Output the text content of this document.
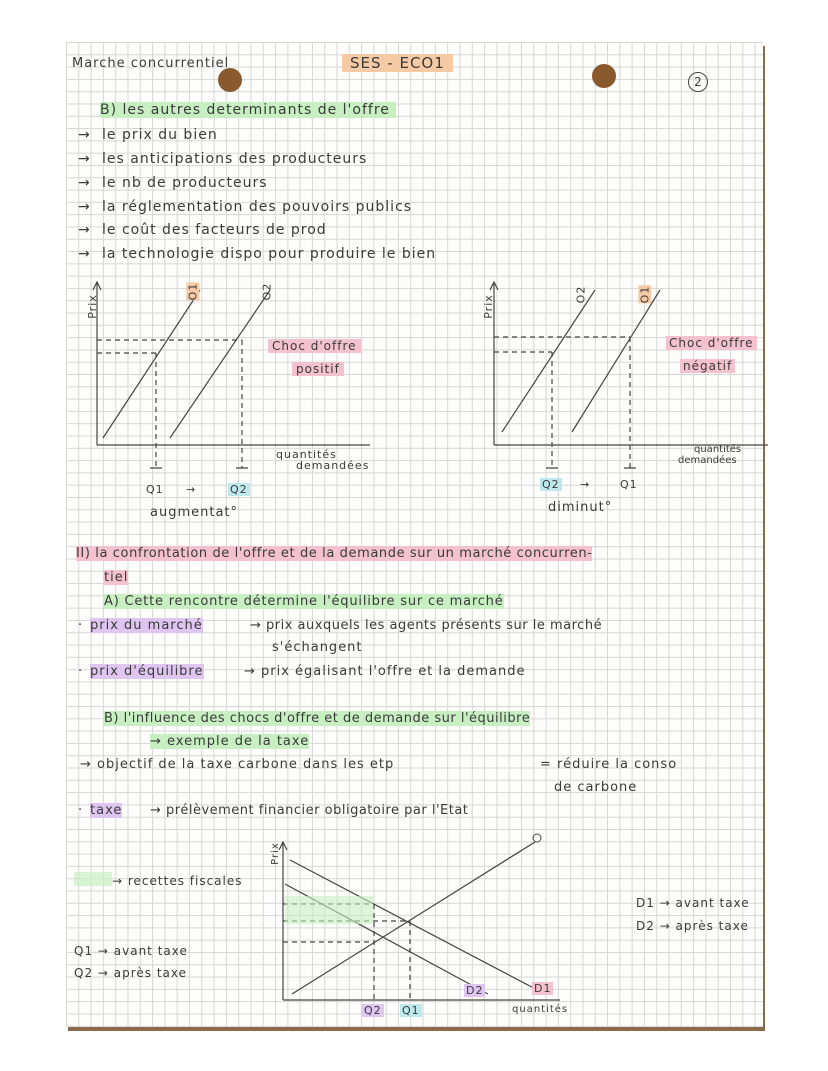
Marche concurrentiel	SES - ECO1
2
B) les autres determinants de l'offre
→ le prix du bien
→ les anticipations des producteurs
→ le nb de producteurs
→ la réglementation des pouvoirs publics
→ le coût des facteurs de prod
→ la technologie dispo pour produire le bien
Prix
O1	O2
Choc d'offre
positif
quantités
demandées
Q1 →	Q2
augmentat°
Prix	O2	O1
Choc d'offre
négatif
quantités
demandées
Q2 →	Q1
diminut°
II) la confrontation de l'offre et de la demande sur un marché concurren-
tiel
A) Cette rencontre détermine l'équilibre sur ce marché
· prix du marché	→ prix auxquels les agents présents sur le marché
s'échangent
· prix d'équilibre	→ prix égalisant l'offre et la demande
B) l'influence des chocs d'offre et de demande sur l'équilibre
→ exemple de la taxe
→ objectif de la taxe carbone dans les etp	= réduire la conso
de carbone
· taxe → prélèvement financier obligatoire par l'Etat
Prix
D2	D1
Q2 Q1	quantités
→ recettes fiscales
Q1 → avant taxe
Q2 → après taxe
D1 → avant taxe
D2 → après taxe
